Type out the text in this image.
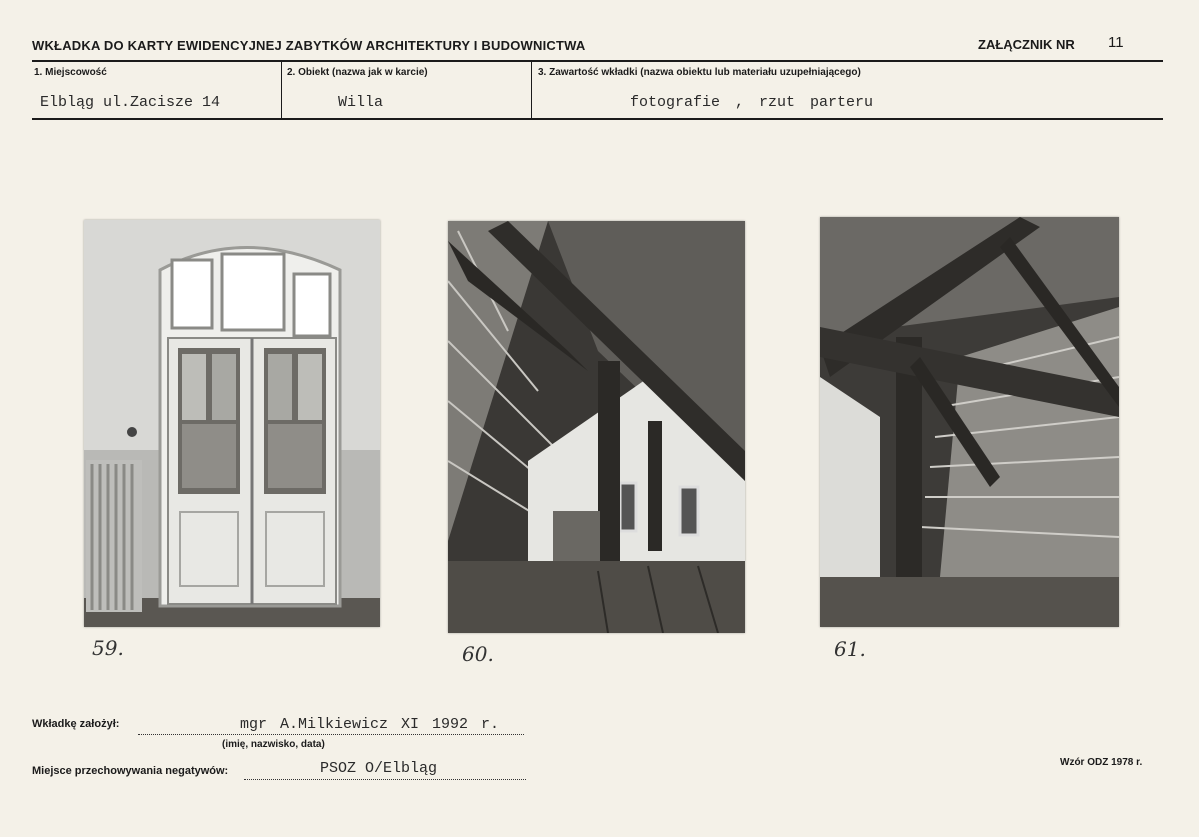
WKŁADKA DO KARTY EWIDENCYJNEJ ZABYTKÓW ARCHITEKTURY I BUDOWNICTWA	ZAŁĄCZNIK NR 11
1. Miejscowość
Elbląg ul.Zacisze 14
2. Obiekt (nazwa jak w karcie)
Willa
3. Zawartość wkładki (nazwa obiektu lub materiału uzupełniającego)
fotografie , rzut parteru
59.	60.	61.
Wkładkę założył:	mgr A.Milkiewicz XI 1992 r.
(imię, nazwisko, data)
Miejsce przechowywania negatywów:	PSOZ O/Elbląg	Wzór ODZ 1978 r.
